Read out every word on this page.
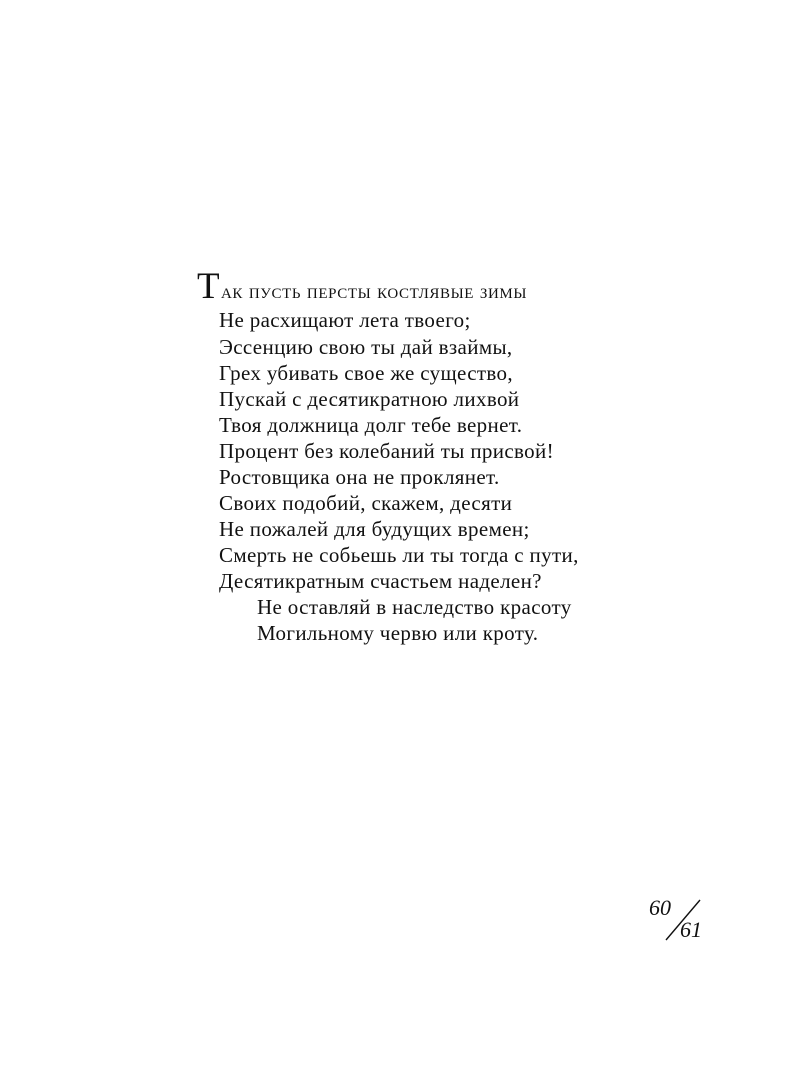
Так пусть персты костлявые зимы
Не расхищают лета твоего;
Эссенцию свою ты дай взаймы,
Грех убивать свое же существо,
Пускай с десятикратною лихвой
Твоя должница долг тебе вернет.
Процент без колебаний ты присвой!
Ростовщика она не проклянет.
Своих подобий, скажем, десяти
Не пожалей для будущих времен;
Смерть не собьешь ли ты тогда с пути,
Десятикратным счастьем наделен?
Не оставляй в наследство красоту
Могильному червю или кроту.
60
61
